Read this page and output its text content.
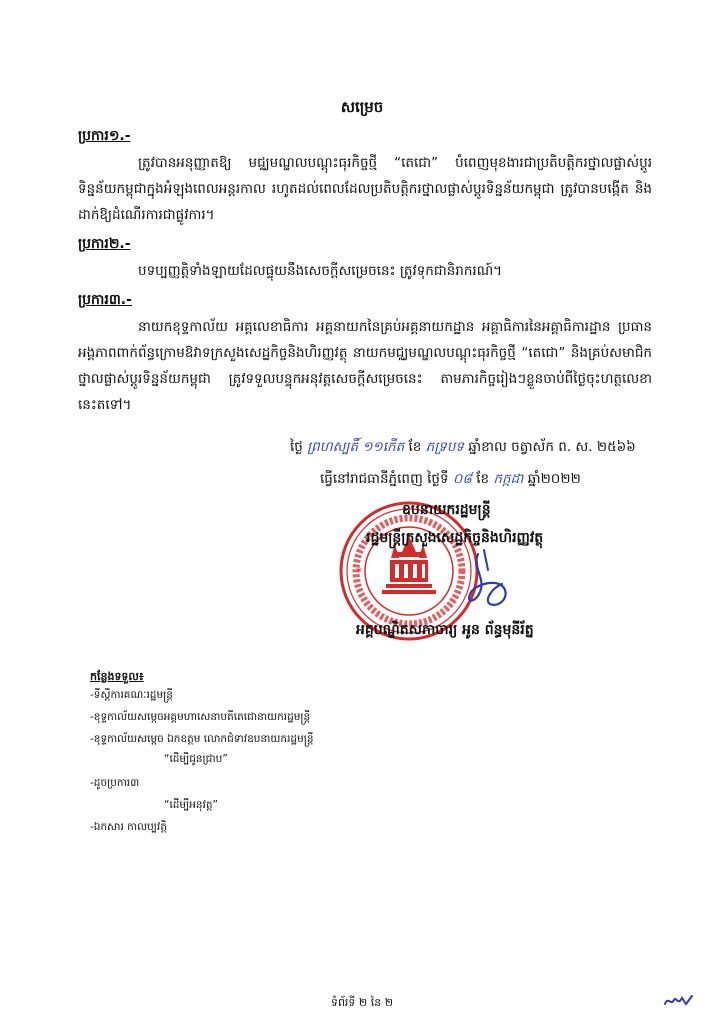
សម្រេច
ប្រការ១.-
ត្រូវបានអនុញ្ញាតឱ្យ មជ្ឈមណ្ឌលបណ្តុះធុរកិច្ចថ្មី “តេជោ” បំពេញមុខងារជាប្រតិបត្តិករថ្នាលផ្លាស់ប្តូរទិន្នន័យកម្ពុជាក្នុងអំឡុងពេលអន្តរកាល រហូតដល់ពេលដែលប្រតិបត្តិករថ្នាលផ្លាស់ប្តូរទិន្នន័យកម្ពុជា ត្រូវបានបង្កើត និងដាក់ឱ្យដំណើរការជាផ្លូវការ។
ប្រការ២.-
បទប្បញ្ញត្តិទាំងឡាយដែលផ្ទុយនឹងសេចក្តីសម្រេចនេះ ត្រូវទុកជានិរាករណ៍។
ប្រការ៣.-
នាយកខុទ្ទកាល័យ អគ្គលេខាធិការ អគ្គនាយកនៃគ្រប់អគ្គនាយកដ្ឋាន អគ្គាធិការនៃអគ្គាធិការដ្ឋាន ប្រធានអង្គភាពពាក់ព័ន្ធក្រោមឱវាទក្រសួងសេដ្ឋកិច្ចនិងហិរញ្ញវត្ថុ នាយកមជ្ឈមណ្ឌលបណ្តុះធុរកិច្ចថ្មី “តេជោ” និងគ្រប់សមាជិកថ្នាលផ្លាស់ប្តូរទិន្នន័យកម្ពុជា ត្រូវទទួលបន្ទុកអនុវត្តសេចក្តីសម្រេចនេះ តាមភារកិច្ចរៀងៗខ្លួនចាប់ពីថ្ងៃចុះហត្ថលេខានេះតទៅ។
ថ្ងៃ ព្រហស្បតិ៍ ១១កើត ខែ ភទ្របទ ឆ្នាំខាល ចត្វាស័ក ព. ស. ២៥៦៦
ធ្វើនៅរាជធានីភ្នំពេញ ថ្ងៃទី ០៨ ខែ កក្កដា ឆ្នាំ២០២២
*
ឧបនាយករដ្ឋមន្ត្រី
រដ្ឋមន្ត្រីក្រសួងសេដ្ឋកិច្ចនិងហិរញ្ញវត្ថុ
អគ្គបណ្ឌិតសភាចារ្យ អូន ព័ន្ធមុនីរ័ត្ន
កន្លែងទទួល៖
-ទីស្តីការគណៈរដ្ឋមន្ត្រី
-ខុទ្ទកាល័យសម្តេចអគ្គមហាសេនាបតីតេជោនាយករដ្ឋមន្ត្រី
-ខុទ្ទកាល័យសម្តេច ឯកឧត្តម លោកជំទាវឧបនាយករដ្ឋមន្ត្រី
“ដើម្បីជូនជ្រាប”
-ដូចប្រការ៣
“ដើម្បីអនុវត្ត”
-ឯកសារ កាលប្បវត្តិ
ទំព័រទី ២ នៃ ២
